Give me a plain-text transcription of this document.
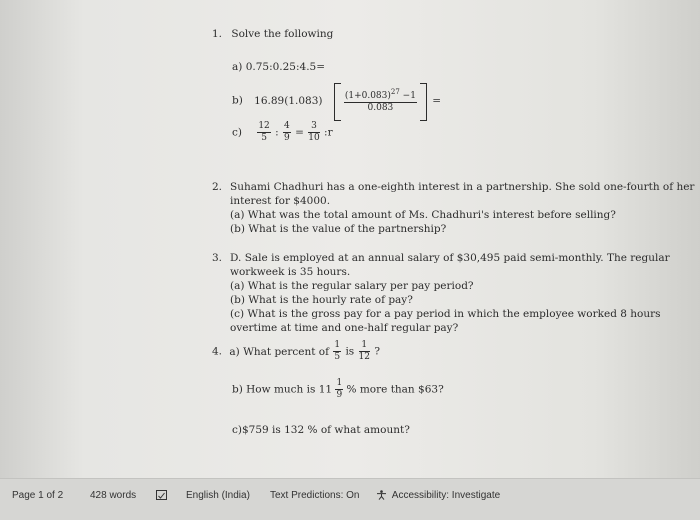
1. Solve the following
a) 0.75:0.25:4.5=
b) $16.89(1.083) \frac{(1+0.083)^{27} -1}{0.083}$ =
$c) \frac{12}{5}$ : $\frac{4}{9} = \frac{3}{10}$ :r
2. Suhami Chadhuri has a one-eighth interest in a partnership. She sold one-fourth of her
interest for $4000.
(a) What was the total amount of Ms. Chadhuri's interest before selling?
(b) What is the value of the partnership?
3. D. Sale is employed at an annual salary of $30,495 paid semi-monthly. The regular
workweek is 35 hours.
(a) What is the regular salary per pay period?
(b) What is the hourly rate of pay?
(c) What is the gross pay for a pay period in which the employee worked 8 hours
overtime at time and one-half regular pay?
4. a) What percent of $\frac{1}{5}$ is $\frac{1}{12}$ ?
b) How much is $11 \frac{1}{9}$ % more than $63?
c)$759 is 132 % of what amount?
Page 1 of 2	428 words	English (India) Text Predictions: On	Accessibility: Investigate
